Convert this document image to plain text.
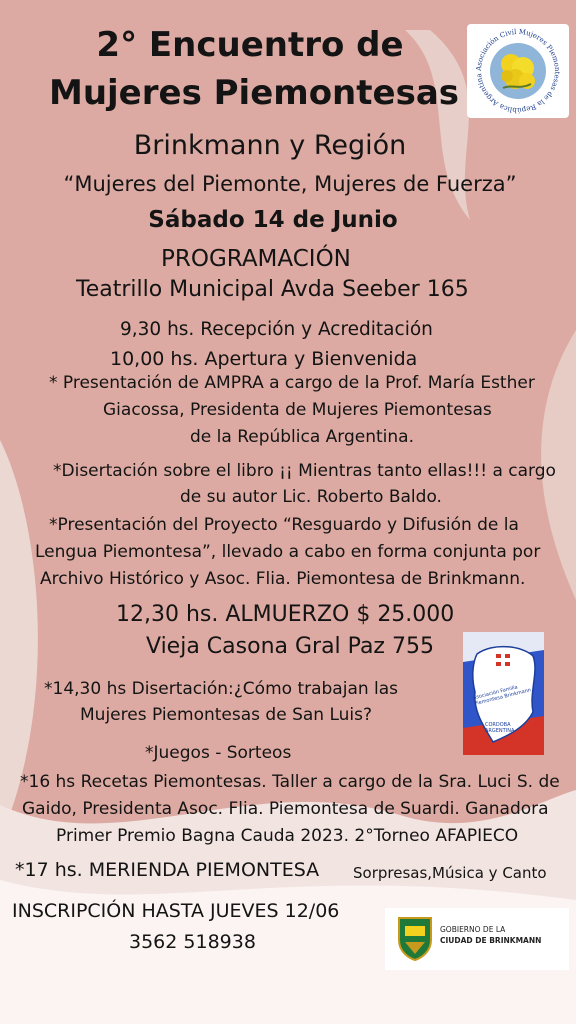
2° Encuentro de
Mujeres Piemontesas
Brinkmann y Región
“Mujeres del Piemonte, Mujeres de Fuerza”
Sábado 14 de Junio
PROGRAMACIÓN
Teatrillo Municipal Avda Seeber 165
Asociación Civil Mujeres Piemontesas de la República Argentina
9,30 hs. Recepción y Acreditación
10,00 hs. Apertura y Bienvenida
* Presentación de AMPRA a cargo de la Prof. María Esther
Giacossa, Presidenta de Mujeres Piemontesas
de la República Argentina.
*Disertación sobre el libro ¡¡ Mientras tanto ellas!!! a cargo
de su autor Lic. Roberto Baldo.
*Presentación del Proyecto “Resguardo y Difusión de la
Lengua Piemontesa”, llevado a cabo en forma conjunta por
Archivo Histórico y Asoc. Flia. Piemontesa de Brinkmann.
12,30 hs. ALMUERZO $ 25.000
Vieja Casona Gral Paz 755
*14,30 hs Disertación:¿Cómo trabajan las
Mujeres Piemontesas de San Luis?
*Juegos - Sorteos
*16 hs Recetas Piemontesas. Taller a cargo de la Sra. Luci S. de
Gaido, Presidenta Asoc. Flia. Piemontesa de Suardi. Ganadora
Primer Premio Bagna Cauda 2023. 2°Torneo AFAPIECO
*17 hs. MERIENDA PIEMONTESA Sorpresas,Música y Canto
Asociación Familia Piemontesa Brinkmann
CORDOBA ARGENTINA
INSCRIPCIÓN HASTA JUEVES 12/06
3562 518938
GOBIERNO DE LA
CIUDAD DE BRINKMANN
